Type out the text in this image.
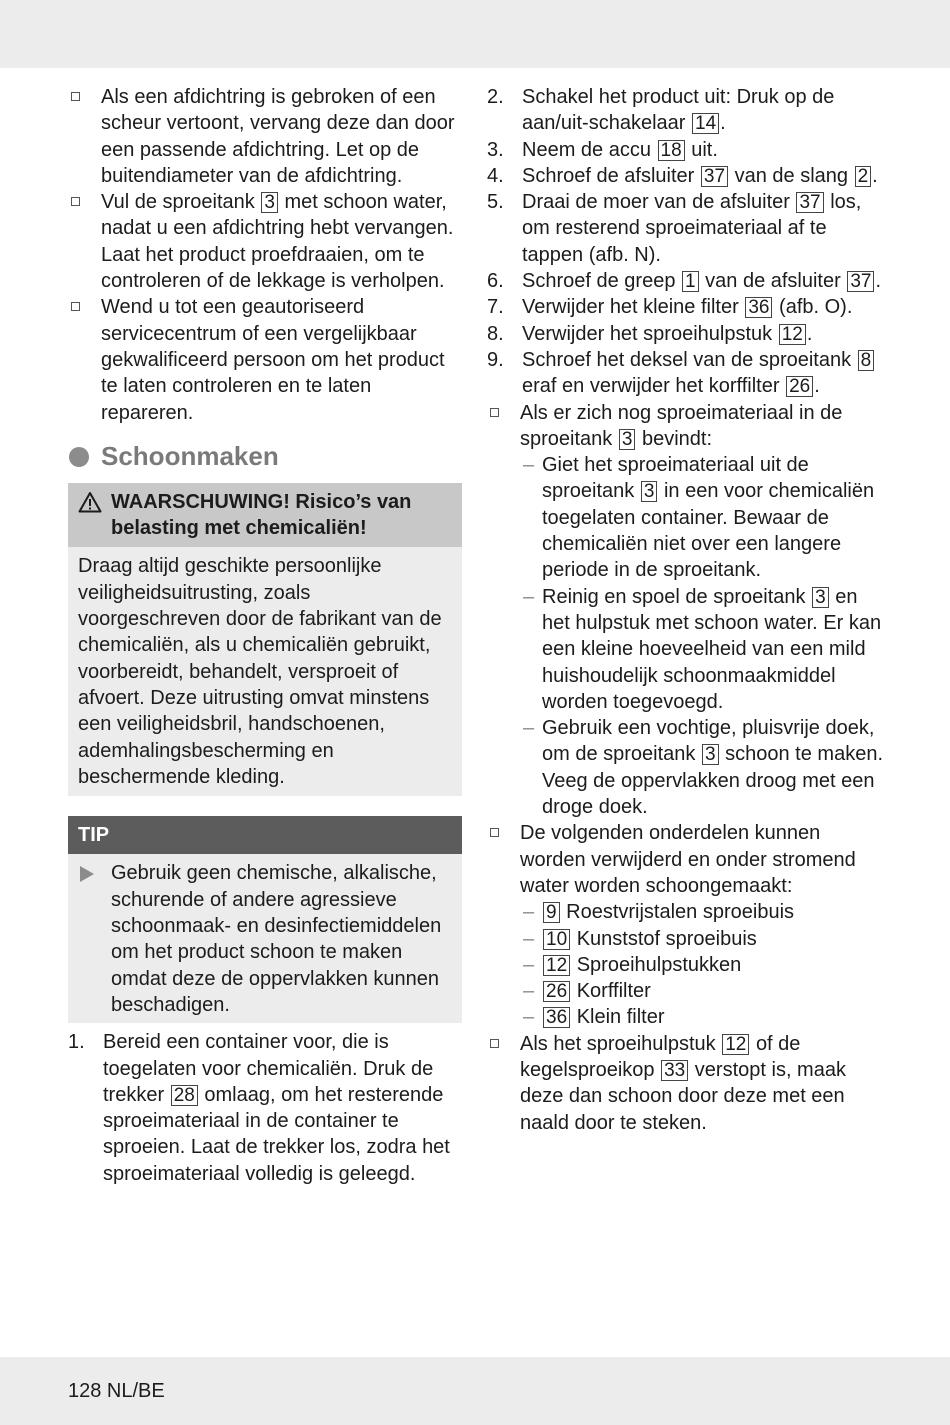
Als een afdichtring is gebroken of een scheur vertoont, vervang deze dan door een passende afdichtring. Let op de buitendiameter van de afdichtring.
Vul de sproeitank 3 met schoon water, nadat u een afdichtring hebt vervangen. Laat het product proefdraaien, om te controleren of de lekkage is verholpen.
Wend u tot een geautoriseerd servicecentrum of een vergelijkbaar gekwalificeerd persoon om het product te laten controleren en te laten repareren.
Schoonmaken
WAARSCHUWING! Risico’s van belasting met chemicaliën!
Draag altijd geschikte persoonlijke veiligheidsuitrusting, zoals voorgeschreven door de fabrikant van de chemicaliën, als u chemicaliën gebruikt, voorbereidt, behandelt, versproeit of afvoert. Deze uitrusting omvat minstens een veiligheidsbril, handschoenen, ademhalingsbescherming en beschermende kleding.
TIP
Gebruik geen chemische, alkalische, schurende of andere agressieve schoonmaak- en desinfectiemiddelen om het product schoon te maken omdat deze de oppervlakken kunnen beschadigen.
1. Bereid een container voor, die is toegelaten voor chemicaliën. Druk de trekker 28 omlaag, om het resterende sproeimateriaal in de container te sproeien. Laat de trekker los, zodra het sproeimateriaal volledig is geleegd.
2. Schakel het product uit: Druk op de aan/uit-schakelaar 14 .
3. Neem de accu 18 uit.
4. Schroef de afsluiter 37 van de slang 2 .
5. Draai de moer van de afsluiter 37 los, om resterend sproeimateriaal af te tappen (afb. N).
6. Schroef de greep 1 van de afsluiter 37 .
7. Verwijder het kleine filter 36 (afb. O).
8. Verwijder het sproeihulpstuk 12 .
9. Schroef het deksel van de sproeitank 8 eraf en verwijder het korffilter 26 .
Als er zich nog sproeimateriaal in de sproeitank 3 bevindt:
– Giet het sproeimateriaal uit de sproeitank 3 in een voor chemicaliën toegelaten container. Bewaar de chemicaliën niet over een langere periode in de sproeitank.
– Reinig en spoel de sproeitank 3 en het hulpstuk met schoon water. Er kan een kleine hoeveelheid van een mild huishoudelijk schoonmaakmiddel worden toegevoegd.
– Gebruik een vochtige, pluisvrije doek, om de sproeitank 3 schoon te maken. Veeg de oppervlakken droog met een droge doek.
De volgenden onderdelen kunnen worden verwijderd en onder stromend water worden schoongemaakt:
– 9 Roestvrijstalen sproeibuis
– 10 Kunststof sproeibuis
– 12 Sproeihulpstukken
– 26 Korffilter
– 36 Klein filter
Als het sproeihulpstuk 12 of de kegelsproeikop 33 verstopt is, maak deze dan schoon door deze met een naald door te steken.
128 NL/BE
